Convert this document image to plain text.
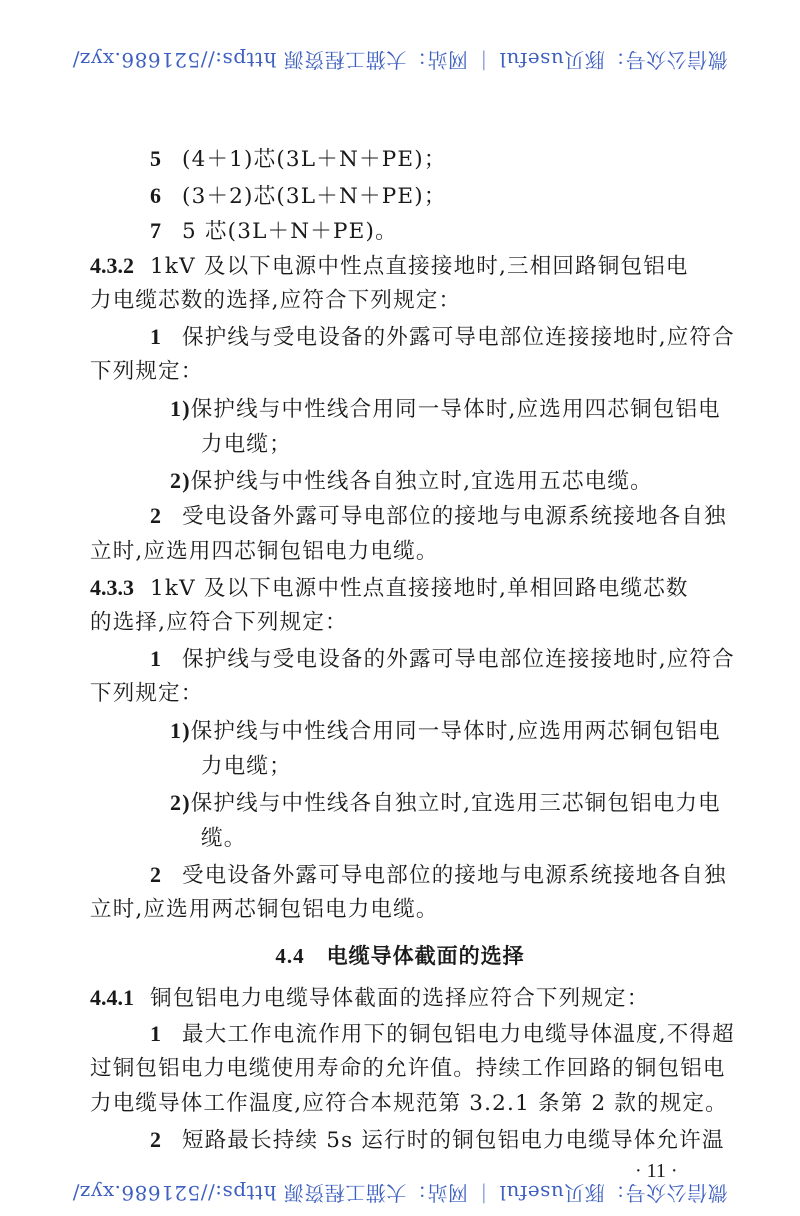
微信公众号：豚贝useful
|
网站：大猫工程资源 https://521686.xyz/
5 (4＋1)芯(3L＋N＋PE)；
6 (3＋2)芯(3L＋N＋PE)；
7 5 芯(3L＋N＋PE)。
4.3.2 1kV 及以下电源中性点直接接地时,三相回路铜包铝电
力电缆芯数的选择,应符合下列规定：
1 保护线与受电设备的外露可导电部位连接接地时,应符合
下列规定：
1)保护线与中性线合用同一导体时,应选用四芯铜包铝电
力电缆；
2)保护线与中性线各自独立时,宜选用五芯电缆。
2 受电设备外露可导电部位的接地与电源系统接地各自独
立时,应选用四芯铜包铝电力电缆。
4.3.3 1kV 及以下电源中性点直接接地时,单相回路电缆芯数
的选择,应符合下列规定：
1 保护线与受电设备的外露可导电部位连接接地时,应符合
下列规定：
1)保护线与中性线合用同一导体时,应选用两芯铜包铝电
力电缆；
2)保护线与中性线各自独立时,宜选用三芯铜包铝电力电
缆。
2 受电设备外露可导电部位的接地与电源系统接地各自独
立时,应选用两芯铜包铝电力电缆。
4.4 电缆导体截面的选择
4.4.1 铜包铝电力电缆导体截面的选择应符合下列规定：
1 最大工作电流作用下的铜包铝电力电缆导体温度,不得超
过铜包铝电力电缆使用寿命的允许值。持续工作回路的铜包铝电
力电缆导体工作温度,应符合本规范第 3.2.1 条第 2 款的规定。
2 短路最长持续 5s 运行时的铜包铝电力电缆导体允许温
· 11 ·
微信公众号：豚贝useful
|
网站：大猫工程资源 https://521686.xyz/
